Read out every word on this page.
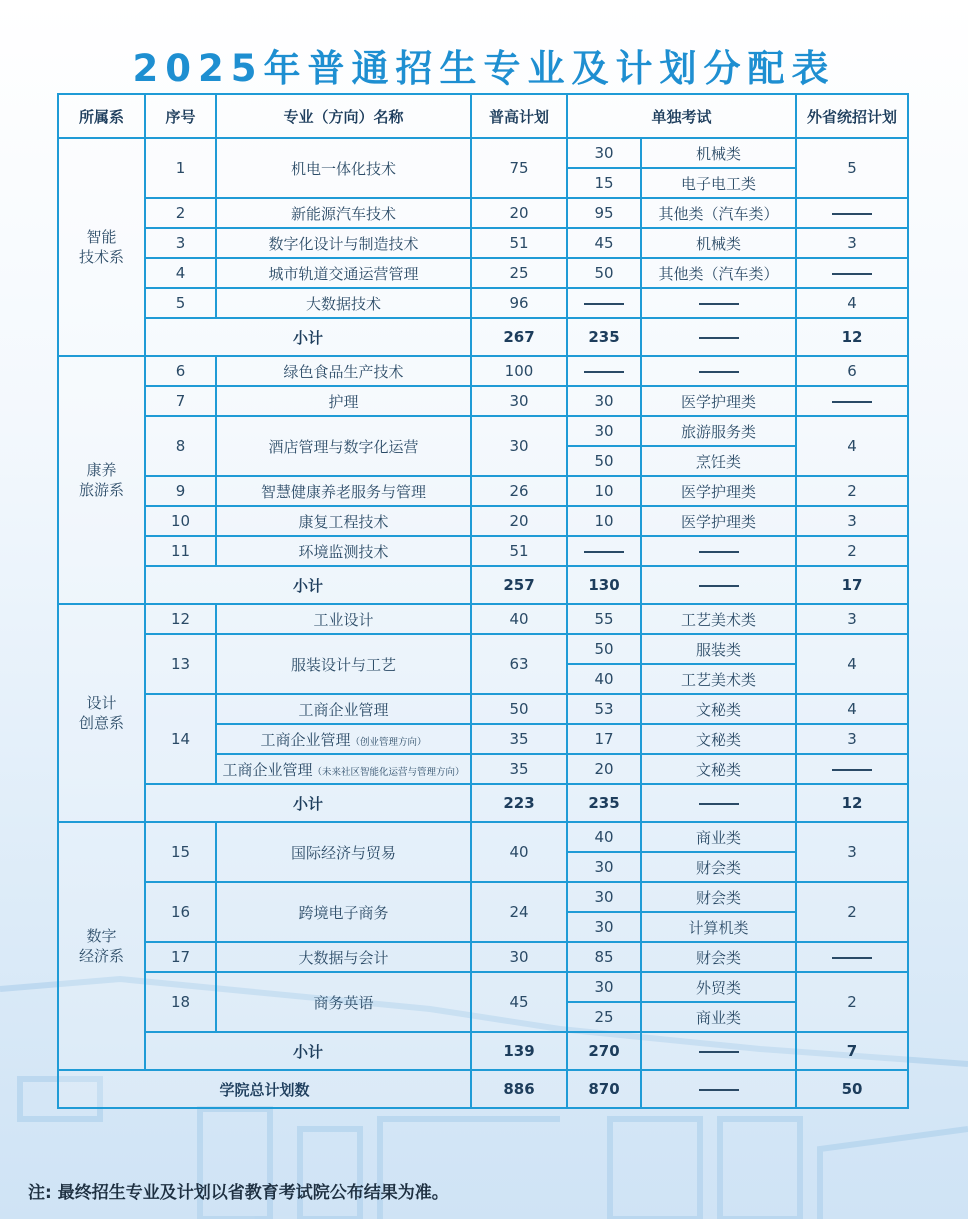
2025年普通招生专业及计划分配表
所属系	序号	专业（方向）名称	普高计划	单独考试		外省统招计划

智能
技术系	1	机电一体化技术	75	30	机械类	5
				15	电子电工类	
	2	新能源汽车技术	20	95	其他类（汽车类）	
	3	数字化设计与制造技术	51	45	机械类	3
	4	城市轨道交通运营管理	25	50	其他类（汽车类）	
	5	大数据技术	96			4
	小计		267	235		12

康养
旅游系	6	绿色食品生产技术	100			6
	7	护理	30	30	医学护理类	
	8	酒店管理与数字化运营	30	30	旅游服务类	4
				50	烹饪类	
	9	智慧健康养老服务与管理	26	10	医学护理类	2
	10	康复工程技术	20	10	医学护理类	3
	11	环境监测技术	51			2
	小计		257	130		17

设计
创意系	12	工业设计	40	55	工艺美术类	3
	13	服装设计与工艺	63	50	服装类	4
				40	工艺美术类	
	14	工商企业管理	50	53	文秘类	4
		工商企业管理（创业管理方向）	35	17	文秘类	3
		工商企业管理（未来社区智能化运营与管理方向）	35	20	文秘类	
	小计		223	235		12

数字
经济系	15	国际经济与贸易	40	40	商业类	3
				30	财会类	
	16	跨境电子商务	24	30	财会类	2
				30	计算机类	
	17	大数据与会计	30	85	财会类	
	18	商务英语	45	30	外贸类	2
				25	商业类	
	小计		139	270		7
学院总计划数			886	870		50
注: 最终招生专业及计划以省教育考试院公布结果为准。
